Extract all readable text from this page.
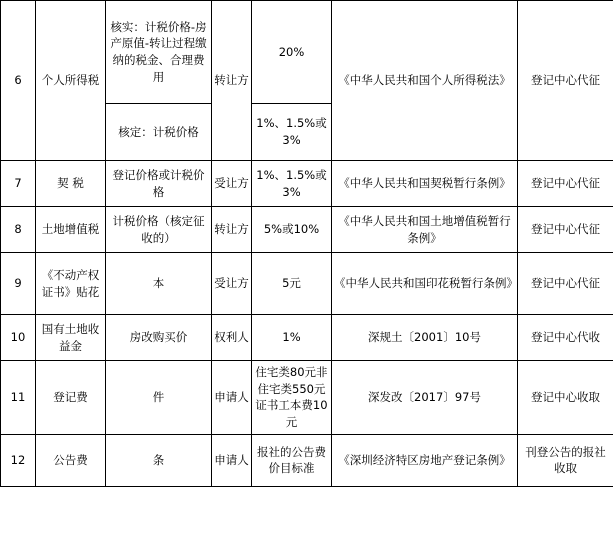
6	个人所得税	核实：计税价格-房产原值-转让过程缴纳的税金、合理费用	转让方	20%	《中华人民共和国个人所得税法》	登记中心代征
		核定：计税价格		1%、1.5%或3%		
7	契 税	登记价格或计税价格	受让方	1%、1.5%或3%	《中华人民共和国契税暂行条例》	登记中心代征
8	土地增值税	计税价格（核定征收的）	转让方	5%或10%	《中华人民共和国土地增值税暂行条例》	登记中心代征
9	《不动产权证书》贴花	本	受让方	5元	《中华人民共和国印花税暂行条例》	登记中心代征
10	国有土地收益金	房改购买价	权利人	1%	深规土〔2001〕10号	登记中心代收
11	登记费	件	申请人	住宅类80元非住宅类550元证书工本费10元	深发改〔2017〕97号	登记中心收取
12	公告费	条	申请人	报社的公告费价目标准	《深圳经济特区房地产登记条例》	刊登公告的报社收取
